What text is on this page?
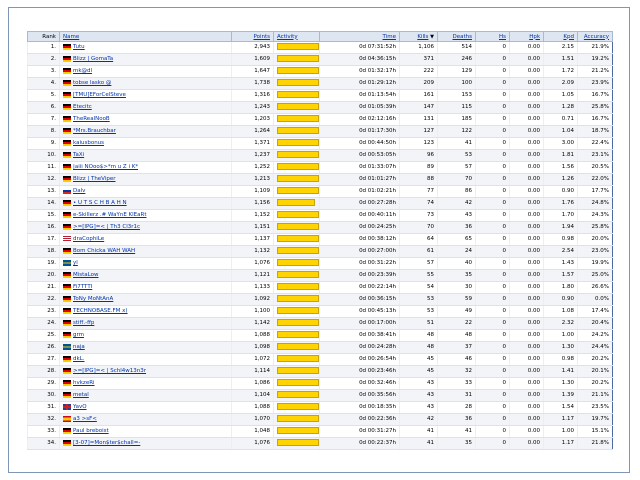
Rank	Name	Points	Activity	Time	Kills ▼	Deaths	Hs	Hpk	Kpd	Accuracy
1.	Tutu	2,943		0d 07:31:52h	1,106	514	0	0.00	2.15	21.9%
2.	Blizz | GomaTa	1,609		0d 04:36:15h	371	246	0	0.00	1.51	19.2%
3.	mk@dl	1,647		0d 01:32:17h	222	129	0	0.00	1.72	21.2%
4.	tobse lasko @	1,738		0d 01:29:12h	209	100	0	0.00	2.09	23.9%
5.	[TMU]EForCelSteve	1,316		0d 01:13:54h	161	153	0	0.00	1.05	16.7%
6.	Etecitc	1,243		0d 01:05:39h	147	115	0	0.00	1.28	25.8%
7.	TheRealNooB	1,203		0d 02:12:16h	131	185	0	0.00	0.71	16.7%
8.	*Mrs.Brauchbar	1,264		0d 01:17:30h	127	122	0	0.00	1.04	18.7%
9.	kaiusbonus	1,371		0d 00:44:50h	123	41	0	0.00	3.00	22.4%
10.	TaXi	1,237		0d 00:53:05h	96	53	0	0.00	1.81	23.1%
11.	|aiii NOoo$>*m u Z i K*	1,252		0d 01:33:07h	89	57	0	0.00	1.56	20.5%
12.	Blizz | TheViper	1,213		0d 01:01:27h	88	70	0	0.00	1.26	22.0%
13.	Dalv	1,109		0d 01:02:21h	77	86	0	0.00	0.90	17.7%
14.	• U T S C H B A H N	1,156		0d 00:27:28h	74	42	0	0.00	1.76	24.8%
15.	e-Skillerz .# WaYnE KlEaRt	1,152		0d 00:40:11h	73	43	0	0.00	1.70	24.3%
16.	>=[IPG]=< | Th3 Cl3r1c	1,151		0d 00:24:25h	70	36	0	0.00	1.94	25.8%
17.	draCophiLe	1,137		0d 00:38:12h	64	65	0	0.00	0.98	20.0%
18.	Bom Chicka WAH WAH	1,132		0d 00:27:00h	61	24	0	0.00	2.54	23.0%
19.	yl	1,076		0d 00:31:22h	57	40	0	0.00	1.43	19.9%
20.	MistaLow	1,121		0d 00:23:39h	55	35	0	0.00	1.57	25.0%
21.	Fi7TTTI	1,133		0d 00:22:14h	54	30	0	0.00	1.80	26.6%
22.	ToNy MoNtAnA	1,092		0d 00:36:15h	53	59	0	0.00	0.90	0.0%
23.	TECHNOBASE.FM x)	1,100		0d 00:45:13h	53	49	0	0.00	1.08	17.4%
24.	stiff.-ffp	1,142		0d 00:17:00h	51	22	0	0.00	2.32	20.4%
25.	grm	1,088		0d 00:38:41h	48	48	0	0.00	1.00	24.2%
26.	naja	1,098		0d 00:24:28h	48	37	0	0.00	1.30	24.4%
27.	dkL.	1,072		0d 00:26:54h	45	46	0	0.00	0.98	20.2%
28.	>=[IPG]=< | Schl4w13n3r	1,114		0d 00:23:46h	45	32	0	0.00	1.41	20.1%
29.	hvkzeRi	1,086		0d 00:32:46h	43	33	0	0.00	1.30	20.2%
30.	metal	1,104		0d 00:35:56h	43	31	0	0.00	1.39	21.1%
31.	YavO	1,088		0d 00:18:35h	43	28	0	0.00	1.54	23.5%
32.	a3 >sF<	1,070		0d 00:22:36h	42	36	0	0.00	1.17	19.7%
33.	Paul breboist	1,048		0d 00:31:27h	41	41	0	0.00	1.00	15.1%
34.	[3-07]=Mon$ter$chall=-	1,076		0d 00:22:37h	41	35	0	0.00	1.17	21.8%
